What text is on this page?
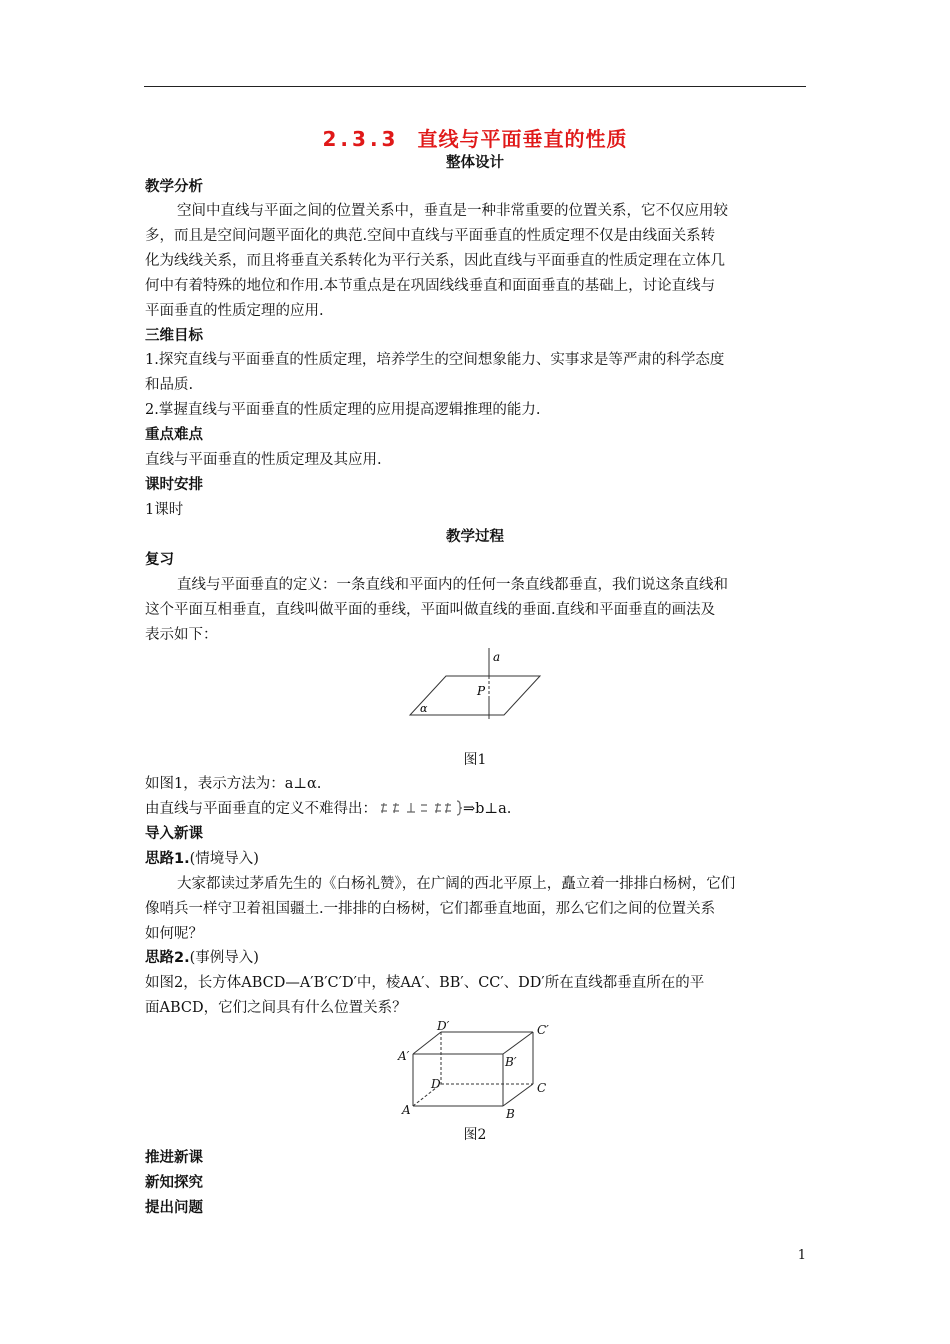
2.3.3 直线与平面垂直的性质
整体设计
教学分析
空间中直线与平面之间的位置关系中，垂直是一种非常重要的位置关系，它不仅应用较
多，而且是空间问题平面化的典范.空间中直线与平面垂直的性质定理不仅是由线面关系转
化为线线关系，而且将垂直关系转化为平行关系，因此直线与平面垂直的性质定理在立体几
何中有着特殊的地位和作用.本节重点是在巩固线线垂直和面面垂直的基础上，讨论直线与
平面垂直的性质定理的应用.
三维目标
1.探究直线与平面垂直的性质定理，培养学生的空间想象能力、实事求是等严肃的科学态度
和品质.
2.掌握直线与平面垂直的性质定理的应用提高逻辑推理的能力.
重点难点
直线与平面垂直的性质定理及其应用.
课时安排
1课时
教学过程
复习
直线与平面垂直的定义：一条直线和平面内的任何一条直线都垂直，我们说这条直线和
这个平面互相垂直，直线叫做平面的垂线，平面叫做直线的垂面.直线和平面垂直的画法及
表示如下：
a
P
α
图1
如图1，表示方法为：a⊥α.
由直线与平面垂直的定义不难得出：	⇒b⊥a.
导入新课
思路1.(情境导入)
大家都读过茅盾先生的《白杨礼赞》，在广阔的西北平原上，矗立着一排排白杨树，它们
像哨兵一样守卫着祖国疆土.一排排的白杨树，它们都垂直地面，那么它们之间的位置关系
如何呢？
思路2.(事例导入)
如图2，长方体ABCD—A′B′C′D′中，棱AA′、BB′、CC′、DD′所在直线都垂直所在的平
面ABCD，它们之间具有什么位置关系？
D′	C′
A′	B′
D	C
A	B
图2
推进新课
新知探究
提出问题
1
